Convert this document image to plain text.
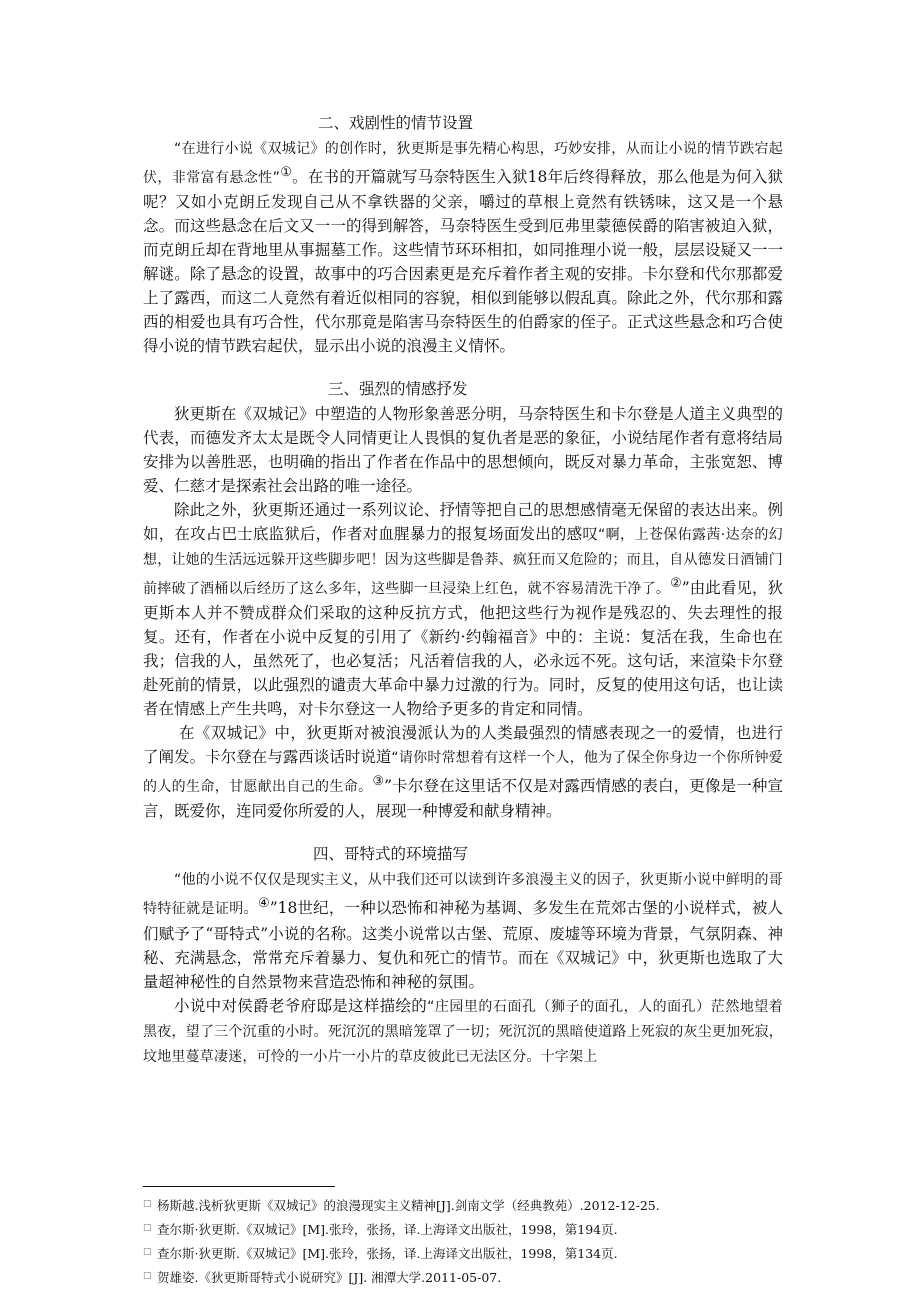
二、戏剧性的情节设置

“在进行小说《双城记》的创作时，狄更斯是事先精心构思，巧妙安排，从而让小说的情节跌宕起伏，非常富有悬念性”①。在书的开篇就写马奈特医生入狱18年后终得释放，那么他是为何入狱呢？又如小克朗丘发现自己从不拿铁器的父亲，嚼过的草根上竟然有铁锈味，这又是一个悬念。而这些悬念在后文又一一的得到解答，马奈特医生受到厄弗里蒙德侯爵的陷害被迫入狱，而克朗丘却在背地里从事掘墓工作。这些情节环环相扣，如同推理小说一般，层层设疑又一一解谜。除了悬念的设置，故事中的巧合因素更是充斥着作者主观的安排。卡尔登和代尔那都爱上了露西，而这二人竟然有着近似相同的容貌，相似到能够以假乱真。除此之外，代尔那和露西的相爱也具有巧合性，代尔那竟是陷害马奈特医生的伯爵家的侄子。正式这些悬念和巧合使得小说的情节跌宕起伏，显示出小说的浪漫主义情怀。

三、强烈的情感抒发

狄更斯在《双城记》中塑造的人物形象善恶分明，马奈特医生和卡尔登是人道主义典型的代表，而德发齐太太是既令人同情更让人畏惧的复仇者是恶的象征，小说结尾作者有意将结局安排为以善胜恶，也明确的指出了作者在作品中的思想倾向，既反对暴力革命，主张宽恕、博爱、仁慈才是探索社会出路的唯一途径。

除此之外，狄更斯还通过一系列议论、抒情等把自己的思想感情毫无保留的表达出来。例如，在攻占巴士底监狱后，作者对血腥暴力的报复场面发出的感叹“啊，上苍保佑露茜·达奈的幻想，让她的生活远远躲开这些脚步吧！因为这些脚是鲁莽、疯狂而又危险的；而且，自从德发日酒铺门前摔破了酒桶以后经历了这么多年，这些脚一旦浸染上红色，就不容易清洗干净了。②”由此看见，狄更斯本人并不赞成群众们采取的这种反抗方式，他把这些行为视作是残忍的、失去理性的报复。还有，作者在小说中反复的引用了《新约·约翰福音》中的：主说：复活在我，生命也在我；信我的人，虽然死了，也必复活；凡活着信我的人，必永远不死。这句话，来渲染卡尔登赴死前的情景，以此强烈的谴责大革命中暴力过激的行为。同时，反复的使用这句话，也让读者在情感上产生共鸣，对卡尔登这一人物给予更多的肯定和同情。

在《双城记》中，狄更斯对被浪漫派认为的人类最强烈的情感表现之一的爱情，也进行了阐发。卡尔登在与露西谈话时说道“请你时常想着有这样一个人，他为了保全你身边一个你所钟爱的人的生命，甘愿献出自己的生命。③”卡尔登在这里话不仅是对露西情感的表白，更像是一种宣言，既爱你，连同爱你所爱的人，展现一种博爱和献身精神。

四、哥特式的环境描写

“他的小说不仅仅是现实主义，从中我们还可以读到许多浪漫主义的因子，狄更斯小说中鲜明的哥特特征就是证明。④”18世纪，一种以恐怖和神秘为基调、多发生在荒郊古堡的小说样式，被人们赋予了“哥特式”小说的名称。这类小说常以古堡、荒原、废墟等环境为背景，气氛阴森、神秘、充满悬念，常常充斥着暴力、复仇和死亡的情节。而在《双城记》中，狄更斯也选取了大量超神秘性的自然景物来营造恐怖和神秘的氛围。

小说中对侯爵老爷府邸是这样描绘的“庄园里的石面孔（狮子的面孔，人的面孔）茫然地望着黑夜，望了三个沉重的小时。死沉沉的黑暗笼罩了一切；死沉沉的黑暗使道路上死寂的灰尘更加死寂，坟地里蔓草凄迷，可怜的一小片一小片的草皮彼此已无法区分。十字架上

□ 杨斯越.浅析狄更斯《双城记》的浪漫现实主义精神[J].剑南文学（经典教苑）.2012-12-25.
□ 查尔斯·狄更斯.《双城记》[M].张玲，张扬，译.上海译文出版社，1998，第194页.
□ 查尔斯·狄更斯.《双城记》[M].张玲，张扬，译.上海译文出版社，1998，第134页.
□ 贺雄姿.《狄更斯哥特式小说研究》[J]. 湘潭大学.2011-05-07.
